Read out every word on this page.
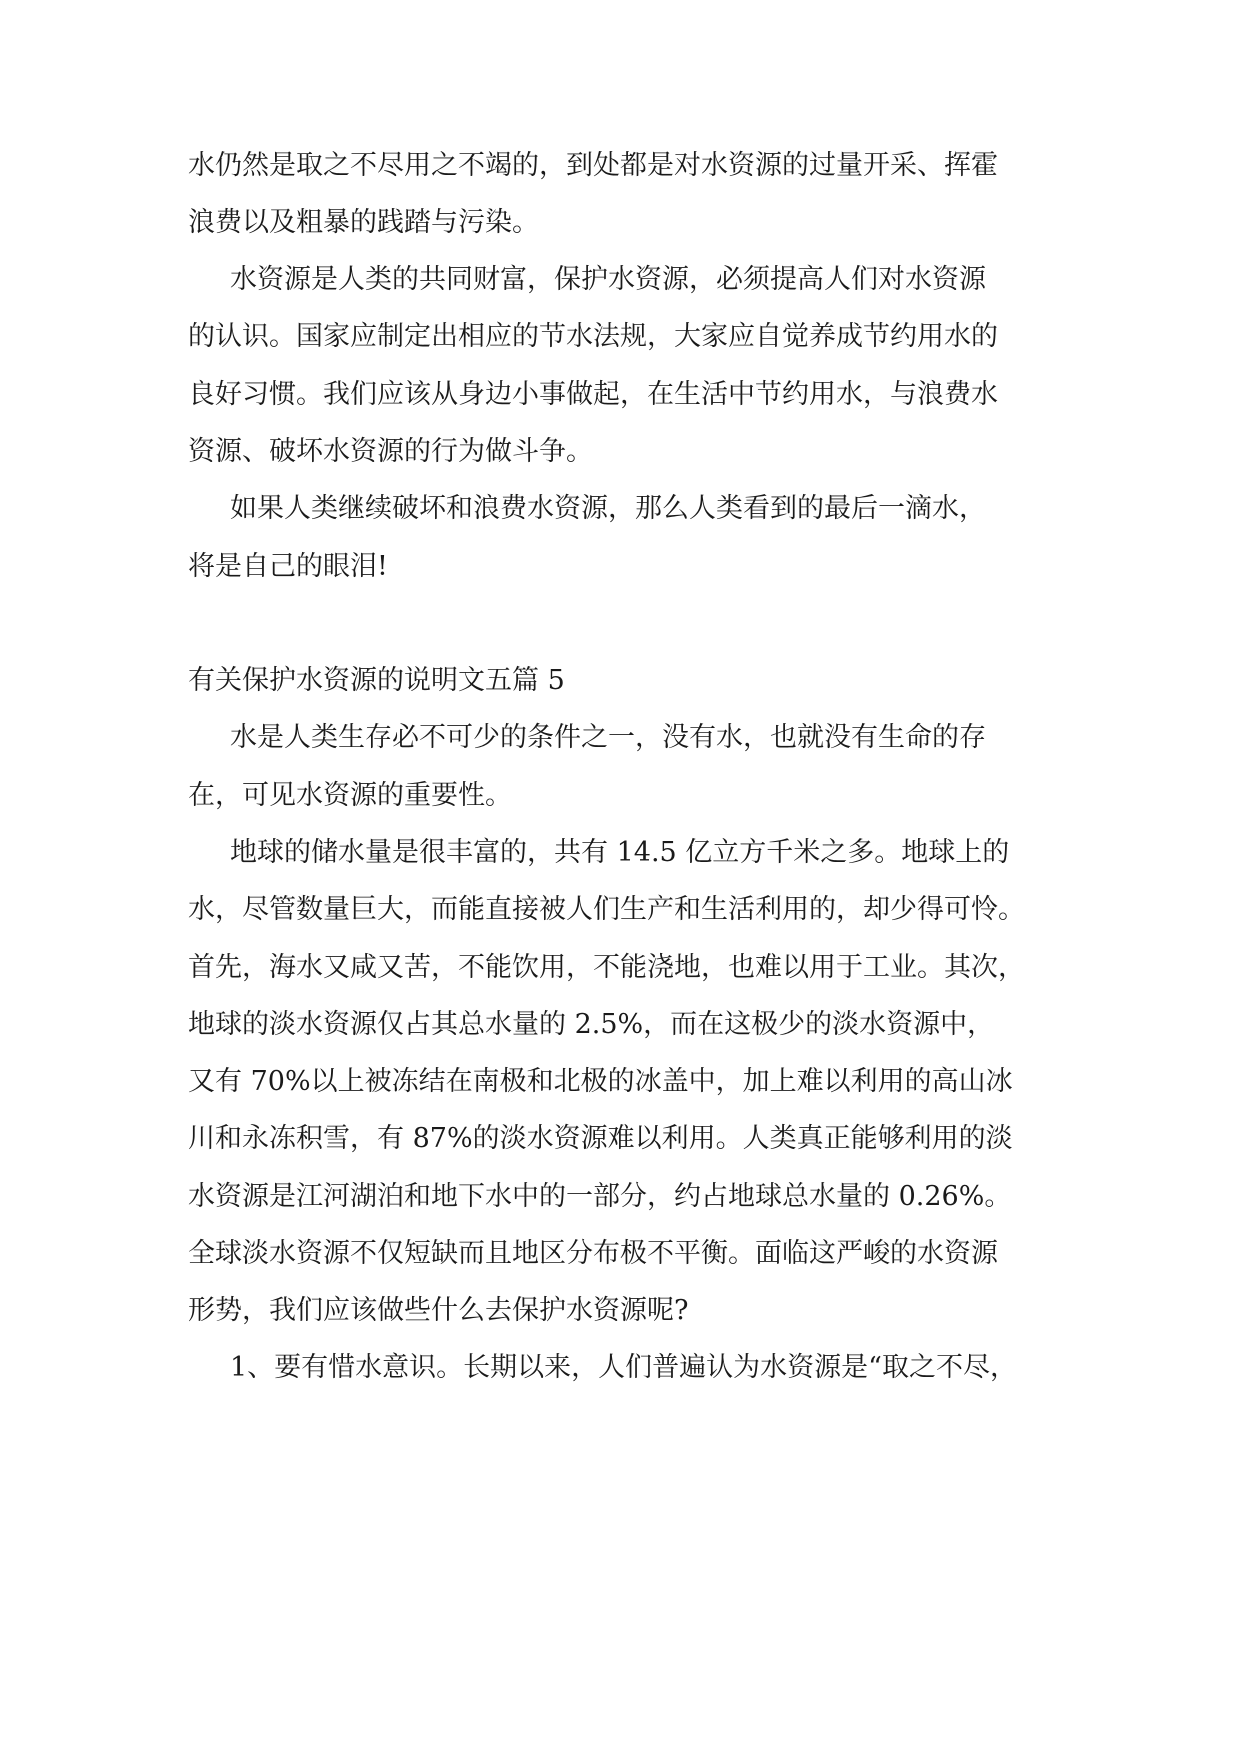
水仍然是取之不尽用之不竭的，到处都是对水资源的过量开采、挥霍
浪费以及粗暴的践踏与污染。
水资源是人类的共同财富，保护水资源，必须提高人们对水资源
的认识。国家应制定出相应的节水法规，大家应自觉养成节约用水的
良好习惯。我们应该从身边小事做起，在生活中节约用水，与浪费水
资源、破坏水资源的行为做斗争。
如果人类继续破坏和浪费水资源，那么人类看到的最后一滴水，
将是自己的眼泪!
有关保护水资源的说明文五篇 5
水是人类生存必不可少的条件之一，没有水，也就没有生命的存
在，可见水资源的重要性。
地球的储水量是很丰富的，共有 14.5 亿立方千米之多。地球上的
水，尽管数量巨大，而能直接被人们生产和生活利用的，却少得可怜。
首先，海水又咸又苦，不能饮用，不能浇地，也难以用于工业。其次，
地球的淡水资源仅占其总水量的 2.5%，而在这极少的淡水资源中，
又有 70%以上被冻结在南极和北极的冰盖中，加上难以利用的高山冰
川和永冻积雪，有 87%的淡水资源难以利用。人类真正能够利用的淡
水资源是江河湖泊和地下水中的一部分，约占地球总水量的 0.26%。
全球淡水资源不仅短缺而且地区分布极不平衡。面临这严峻的水资源
形势，我们应该做些什么去保护水资源呢?
1、要有惜水意识。长期以来，人们普遍认为水资源是“取之不尽，
